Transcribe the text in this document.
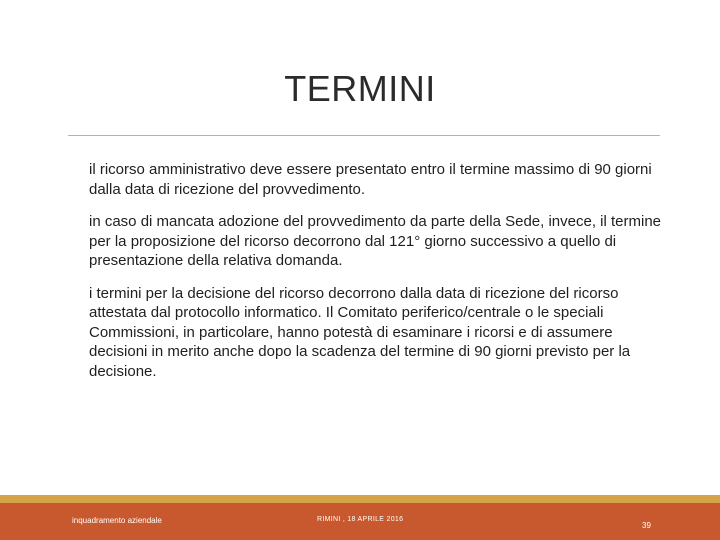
TERMINI

il ricorso amministrativo deve essere presentato entro il termine massimo di 90 giorni dalla data di ricezione del provvedimento.

in caso di mancata adozione del provvedimento da parte della Sede, invece, il termine per la proposizione del ricorso decorrono dal 121° giorno successivo a quello di presentazione della relativa domanda.

i termini per la decisione del ricorso decorrono dalla data di ricezione del ricorso attestata dal protocollo informatico. Il Comitato periferico/centrale o le speciali Commissioni, in particolare, hanno potestà di esaminare i ricorsi e di assumere decisioni in merito anche dopo la scadenza del termine di 90 giorni previsto per la decisione.

inquadramento aziendale	RIMINI , 18 APRILE 2016
39
